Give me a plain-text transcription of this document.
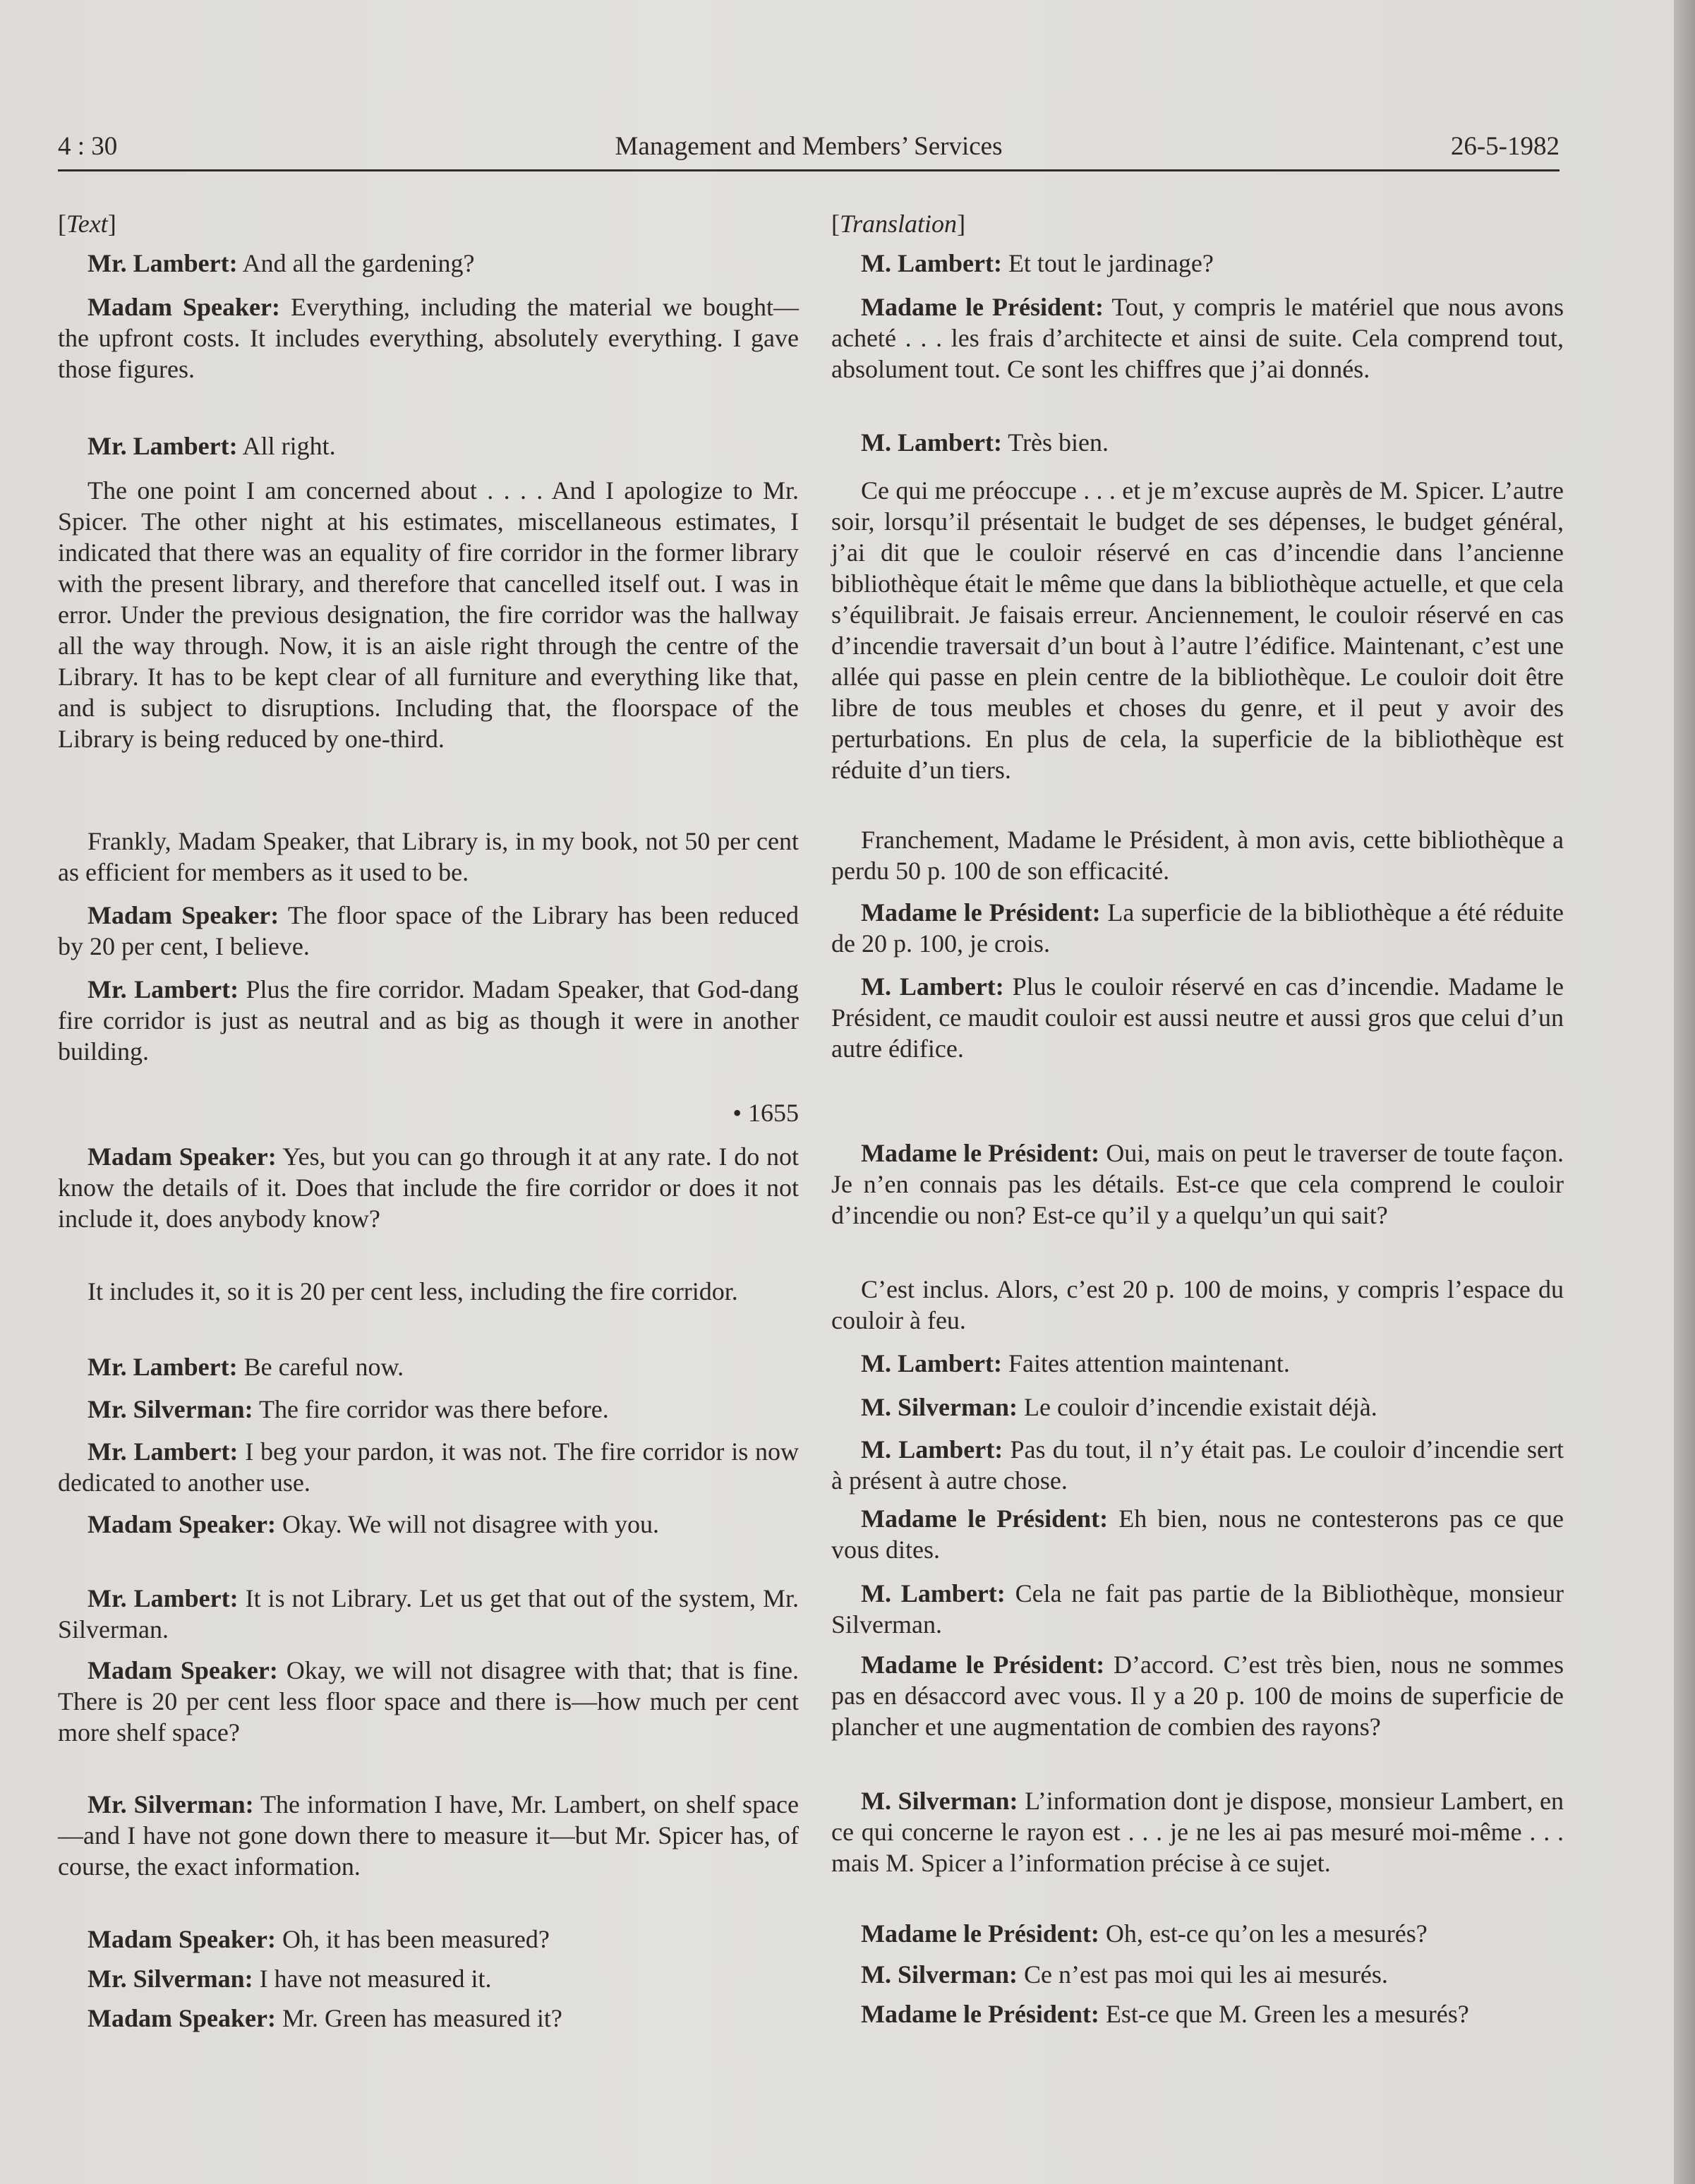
Management and Members’ Services
4 : 30	26-5-1982

[Text]

Mr. Lambert: And all the gardening?

Madam Speaker: Everything, including the material we bought—the upfront costs. It includes everything, absolutely everything. I gave those figures.

Mr. Lambert: All right.

The one point I am concerned about . . . . And I apologize to Mr. Spicer. The other night at his estimates, miscellaneous estimates, I indicated that there was an equality of fire corridor in the former library with the present library, and therefore that cancelled itself out. I was in error. Under the previous designation, the fire corridor was the hallway all the way through. Now, it is an aisle right through the centre of the Library. It has to be kept clear of all furniture and everything like that, and is subject to disruptions. Including that, the floorspace of the Library is being reduced by one-third.

Frankly, Madam Speaker, that Library is, in my book, not 50 per cent as efficient for members as it used to be.

Madam Speaker: The floor space of the Library has been reduced by 20 per cent, I believe.

Mr. Lambert: Plus the fire corridor. Madam Speaker, that God-dang fire corridor is just as neutral and as big as though it were in another building.

• 1655

Madam Speaker: Yes, but you can go through it at any rate. I do not know the details of it. Does that include the fire corridor or does it not include it, does anybody know?

It includes it, so it is 20 per cent less, including the fire corridor.

Mr. Lambert: Be careful now.

Mr. Silverman: The fire corridor was there before.

Mr. Lambert: I beg your pardon, it was not. The fire corridor is now dedicated to another use.

Madam Speaker: Okay. We will not disagree with you.

Mr. Lambert: It is not Library. Let us get that out of the system, Mr. Silverman.

Madam Speaker: Okay, we will not disagree with that; that is fine. There is 20 per cent less floor space and there is—how much per cent more shelf space?

Mr. Silverman: The information I have, Mr. Lambert, on shelf space—and I have not gone down there to measure it—but Mr. Spicer has, of course, the exact information.

Madam Speaker: Oh, it has been measured?

Mr. Silverman: I have not measured it.

Madam Speaker: Mr. Green has measured it?

[Translation]

M. Lambert: Et tout le jardinage?

Madame le Président: Tout, y compris le matériel que nous avons acheté . . . les frais d’architecte et ainsi de suite. Cela comprend tout, absolument tout. Ce sont les chiffres que j’ai donnés.

M. Lambert: Très bien.

Ce qui me préoccupe . . . et je m’excuse auprès de M. Spicer. L’autre soir, lorsqu’il présentait le budget de ses dépenses, le budget général, j’ai dit que le couloir réservé en cas d’incendie dans l’ancienne bibliothèque était le même que dans la bibliothèque actuelle, et que cela s’équilibrait. Je faisais erreur. Anciennement, le couloir réservé en cas d’incendie traversait d’un bout à l’autre l’édifice. Maintenant, c’est une allée qui passe en plein centre de la bibliothèque. Le couloir doit être libre de tous meubles et choses du genre, et il peut y avoir des perturbations. En plus de cela, la superficie de la bibliothèque est réduite d’un tiers.

Franchement, Madame le Président, à mon avis, cette bibliothèque a perdu 50 p. 100 de son efficacité.

Madame le Président: La superficie de la bibliothèque a été réduite de 20 p. 100, je crois.

M. Lambert: Plus le couloir réservé en cas d’incendie. Madame le Président, ce maudit couloir est aussi neutre et aussi gros que celui d’un autre édifice.

Madame le Président: Oui, mais on peut le traverser de toute façon. Je n’en connais pas les détails. Est-ce que cela comprend le couloir d’incendie ou non? Est-ce qu’il y a quelqu’un qui sait?

C’est inclus. Alors, c’est 20 p. 100 de moins, y compris l’espace du couloir à feu.

M. Lambert: Faites attention maintenant.

M. Silverman: Le couloir d’incendie existait déjà.

M. Lambert: Pas du tout, il n’y était pas. Le couloir d’incendie sert à présent à autre chose.

Madame le Président: Eh bien, nous ne contesterons pas ce que vous dites.

M. Lambert: Cela ne fait pas partie de la Bibliothèque, monsieur Silverman.

Madame le Président: D’accord. C’est très bien, nous ne sommes pas en désaccord avec vous. Il y a 20 p. 100 de moins de superficie de plancher et une augmentation de combien des rayons?

M. Silverman: L’information dont je dispose, monsieur Lambert, en ce qui concerne le rayon est . . . je ne les ai pas mesuré moi-même . . . mais M. Spicer a l’information précise à ce sujet.

Madame le Président: Oh, est-ce qu’on les a mesurés?

M. Silverman: Ce n’est pas moi qui les ai mesurés.

Madame le Président: Est-ce que M. Green les a mesurés?
